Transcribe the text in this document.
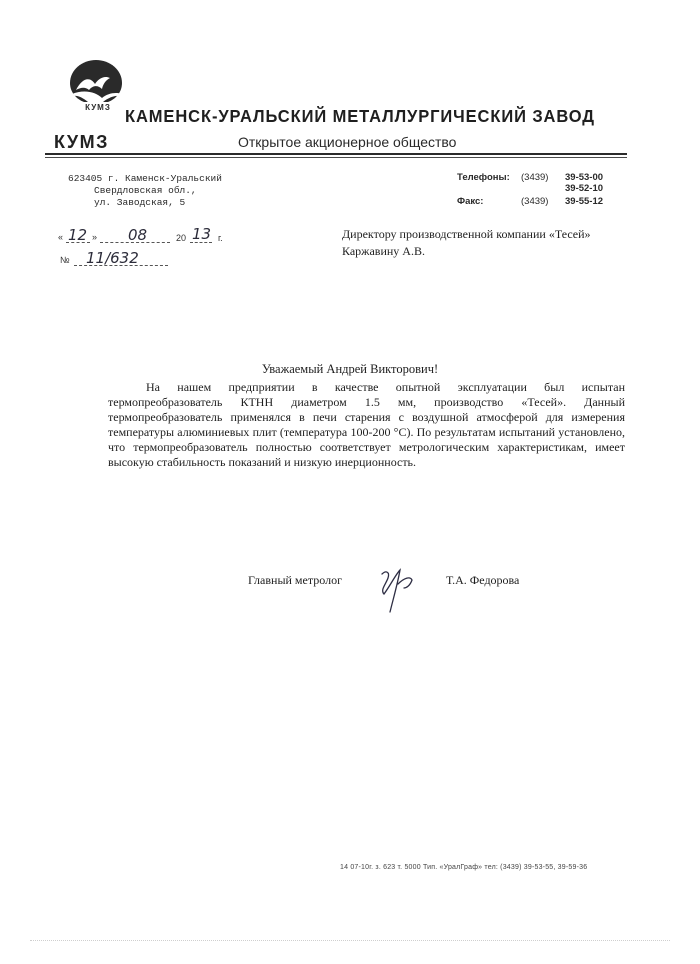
КУМЗ
КАМЕНСК-УРАЛЬСКИЙ МЕТАЛЛУРГИЧЕСКИЙ ЗАВОД
КУМЗ	Открытое акционерное общество
623405 г. Каменск-Уральский
Свердловская обл.,
ул. Заводская, 5
Телефоны: (3439) 39-53-00
39-52-10
Факс:	(3439) 39-55-12
« 12 » 08	20 13 г.
№ 11/632
Директору производственной компании «Тесей»
Каржавину А.В.
Уважаемый Андрей Викторович!
На нашем предприятии в качестве опытной эксплуатации был испытан термопреобразователь КТНН диаметром 1.5 мм, производство «Тесей». Данный термопреобразователь применялся в печи старения с воздушной атмосферой для измерения температуры алюминиевых плит (температура 100-200 °С). По результатам испытаний установлено, что термопреобразователь полностью соответствует метрологическим характеристикам, имеет высокую стабильность показаний и низкую инерционность.
Главный метролог	Т.А. Федорова
14 07-10г. з. 623 т. 5000 Тип. «УралГраф» тел: (3439) 39-53-55, 39-59-36
